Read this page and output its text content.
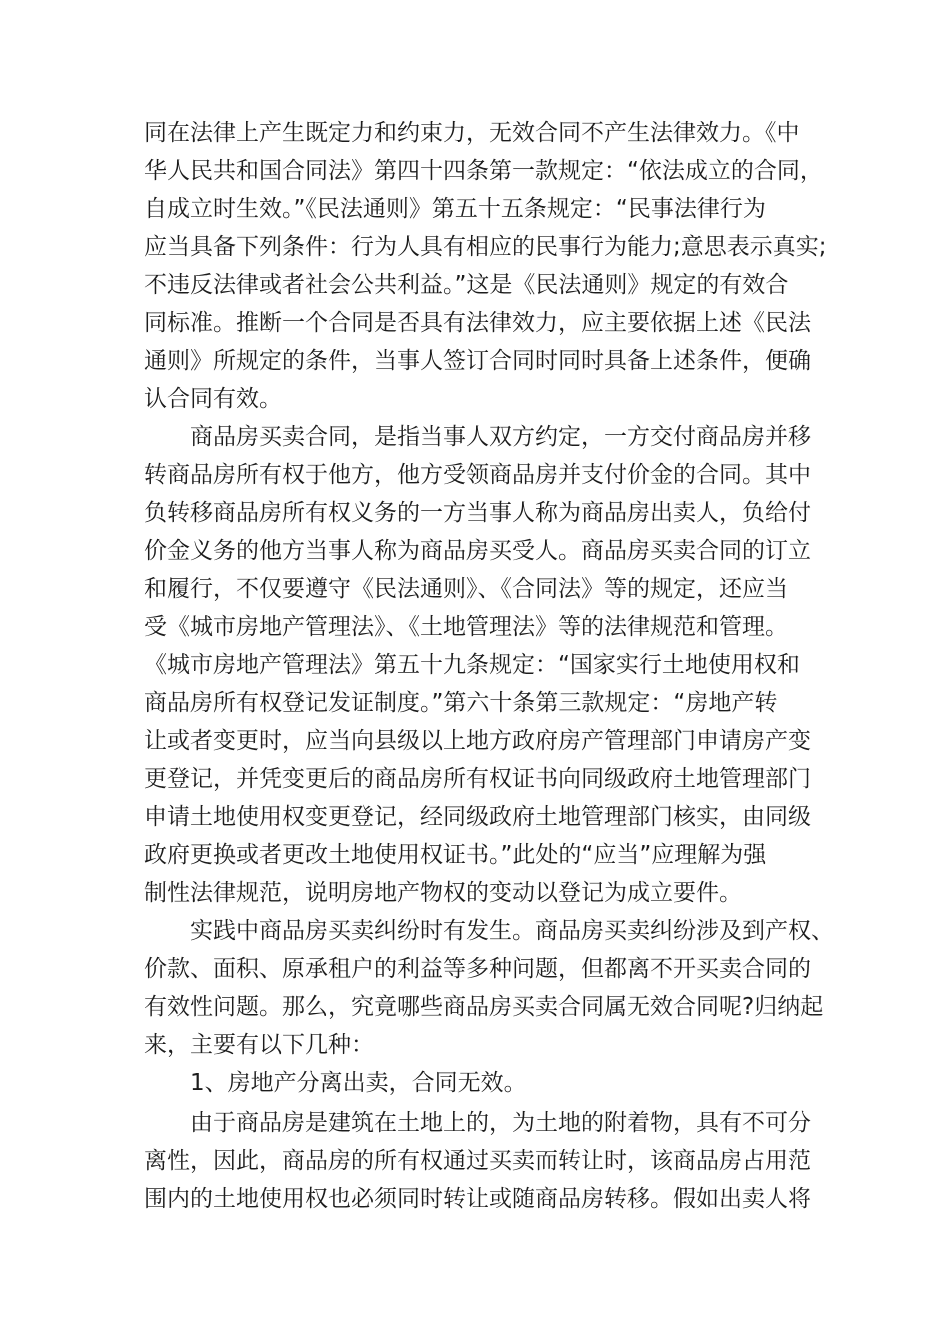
同在法律上产生既定力和约束力，无效合同不产生法律效力。《中
华人民共和国合同法》第四十四条第一款规定：“依法成立的合同，
自成立时生效。”《民法通则》第五十五条规定：“民事法律行为
应当具备下列条件：行为人具有相应的民事行为能力;意思表示真实;
不违反法律或者社会公共利益。”这是《民法通则》规定的有效合
同标准。推断一个合同是否具有法律效力，应主要依据上述《民法
通则》所规定的条件，当事人签订合同时同时具备上述条件，便确
认合同有效。
商品房买卖合同，是指当事人双方约定，一方交付商品房并移
转商品房所有权于他方，他方受领商品房并支付价金的合同。其中
负转移商品房所有权义务的一方当事人称为商品房出卖人，负给付
价金义务的他方当事人称为商品房买受人。商品房买卖合同的订立
和履行，不仅要遵守《民法通则》、《合同法》等的规定，还应当
受《城市房地产管理法》、《土地管理法》等的法律规范和管理。
《城市房地产管理法》第五十九条规定：“国家实行土地使用权和
商品房所有权登记发证制度。”第六十条第三款规定：“房地产转
让或者变更时，应当向县级以上地方政府房产管理部门申请房产变
更登记，并凭变更后的商品房所有权证书向同级政府土地管理部门
申请土地使用权变更登记，经同级政府土地管理部门核实，由同级
政府更换或者更改土地使用权证书。”此处的“应当”应理解为强
制性法律规范，说明房地产物权的变动以登记为成立要件。
实践中商品房买卖纠纷时有发生。商品房买卖纠纷涉及到产权、
价款、面积、原承租户的利益等多种问题，但都离不开买卖合同的
有效性问题。那么，究竟哪些商品房买卖合同属无效合同呢?归纳起
来，主要有以下几种：
1、房地产分离出卖，合同无效。
由于商品房是建筑在土地上的，为土地的附着物，具有不可分
离性，因此，商品房的所有权通过买卖而转让时，该商品房占用范
围内的土地使用权也必须同时转让或随商品房转移。假如出卖人将
